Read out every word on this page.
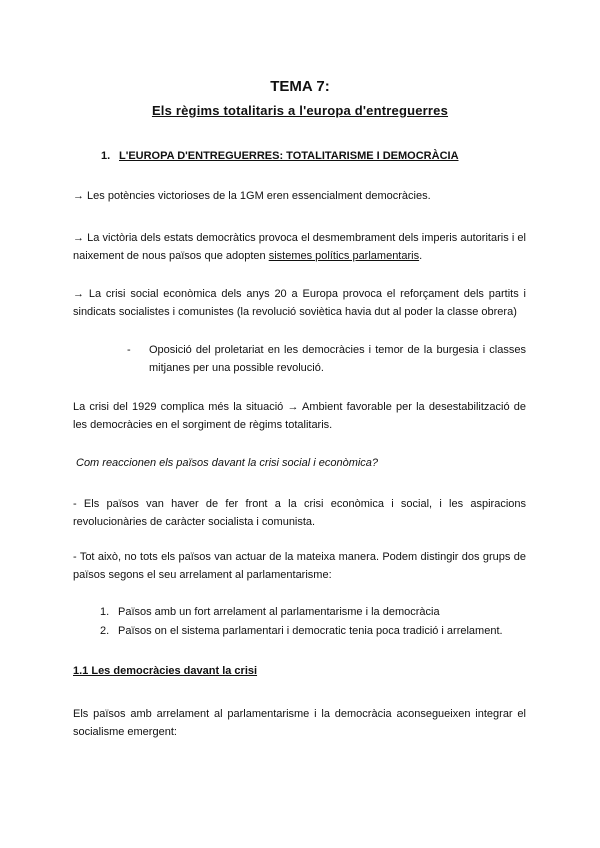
TEMA 7:
Els règims totalitaris a l'europa d'entreguerres
1. L'EUROPA D'ENTREGUERRES: TOTALITARISME I DEMOCRÀCIA
→ Les potències victorioses de la 1GM eren essencialment democràcies.
→ La victòria dels estats democràtics provoca el desmembrament dels imperis autoritaris i el naixement de nous països que adopten sistemes polítics parlamentaris.
→ La crisi social econòmica dels anys 20 a Europa provoca el reforçament dels partits i sindicats socialistes i comunistes (la revolució soviètica havia dut al poder la classe obrera)
- Oposició del proletariat en les democràcies i temor de la burgesia i classes mitjanes per una possible revolució.
La crisi del 1929 complica més la situació → Ambient favorable per la desestabilització de les democràcies en el sorgiment de règims totalitaris.
Com reaccionen els països davant la crisi social i econòmica?
- Els països van haver de fer front a la crisi econòmica i social, i les aspiracions revolucionàries de caràcter socialista i comunista.
- Tot això, no tots els països van actuar de la mateixa manera. Podem distingir dos grups de països segons el seu arrelament al parlamentarisme:
1. Països amb un fort arrelament al parlamentarisme i la democràcia
2. Països on el sistema parlamentari i democratic tenia poca tradició i arrelament.
1.1 Les democràcies davant la crisi
Els països amb arrelament al parlamentarisme i la democràcia aconsegueixen integrar el socialisme emergent:
